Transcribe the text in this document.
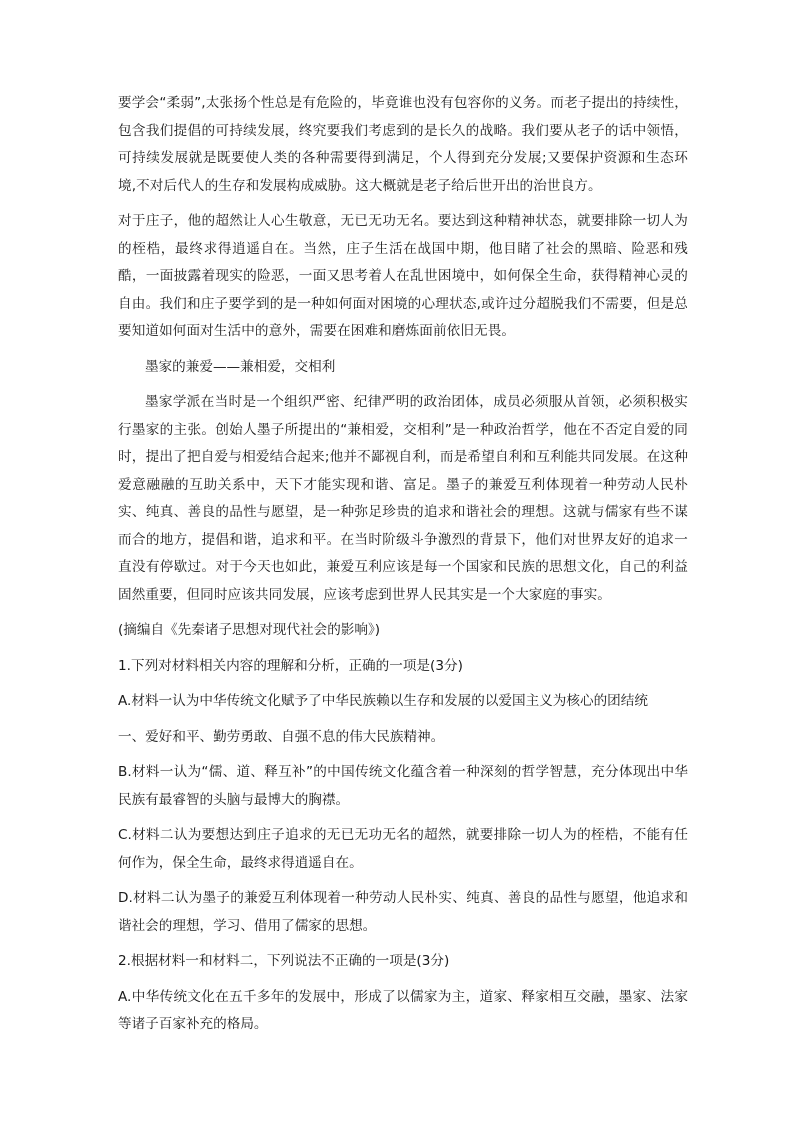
要学会“柔弱”,太张扬个性总是有危险的，毕竟谁也没有包容你的义务。而老子提出的持续性，包含我们提倡的可持续发展，终究要我们考虑到的是长久的战略。我们要从老子的话中领悟，可持续发展就是既要使人类的各种需要得到满足，个人得到充分发展;又要保护资源和生态环境,不对后代人的生存和发展构成威胁。这大概就是老子给后世开出的治世良方。

对于庄子，他的超然让人心生敬意，无已无功无名。要达到这种精神状态，就要排除一切人为的桎梏，最终求得逍遥自在。当然，庄子生活在战国中期，他目睹了社会的黑暗、险恶和残酷，一面披露着现实的险恶，一面又思考着人在乱世困境中，如何保全生命，获得精神心灵的自由。我们和庄子要学到的是一种如何面对困境的心理状态,或许过分超脱我们不需要，但是总要知道如何面对生活中的意外，需要在困难和磨炼面前依旧无畏。

墨家的兼爱——兼相爱，交相利

墨家学派在当时是一个组织严密、纪律严明的政治团体，成员必须服从首领，必须积极实行墨家的主张。创始人墨子所提出的“兼相爱，交相利”是一种政治哲学，他在不否定自爱的同时，提出了把自爱与相爱结合起来;他并不鄙视自利，而是希望自利和互利能共同发展。在这种爱意融融的互助关系中，天下才能实现和谐、富足。墨子的兼爱互利体现着一种劳动人民朴实、纯真、善良的品性与愿望，是一种弥足珍贵的追求和谐社会的理想。这就与儒家有些不谋而合的地方，提倡和谐，追求和平。在当时阶级斗争激烈的背景下，他们对世界友好的追求一直没有停歇过。对于今天也如此，兼爱互利应该是每一个国家和民族的思想文化，自己的利益固然重要，但同时应该共同发展，应该考虑到世界人民其实是一个大家庭的事实。

(摘编自《先秦诸子思想对现代社会的影响》)

1.下列对材料相关内容的理解和分析，正确的一项是(3分)

A.材料一认为中华传统文化赋予了中华民族赖以生存和发展的以爱国主义为核心的团结统

一、爱好和平、勤劳勇敢、自强不息的伟大民族精神。

B.材料一认为“儒、道、释互补”的中国传统文化蕴含着一种深刻的哲学智慧，充分体现出中华民族有最睿智的头脑与最博大的胸襟。

C.材料二认为要想达到庄子追求的无已无功无名的超然，就要排除一切人为的桎梏，不能有任何作为，保全生命，最终求得逍遥自在。

D.材料二认为墨子的兼爱互利体现着一种劳动人民朴实、纯真、善良的品性与愿望，他追求和谐社会的理想，学习、借用了儒家的思想。

2.根据材料一和材料二，下列说法不正确的一项是(3分)

A.中华传统文化在五千多年的发展中，形成了以儒家为主，道家、释家相互交融，墨家、法家等诸子百家补充的格局。
